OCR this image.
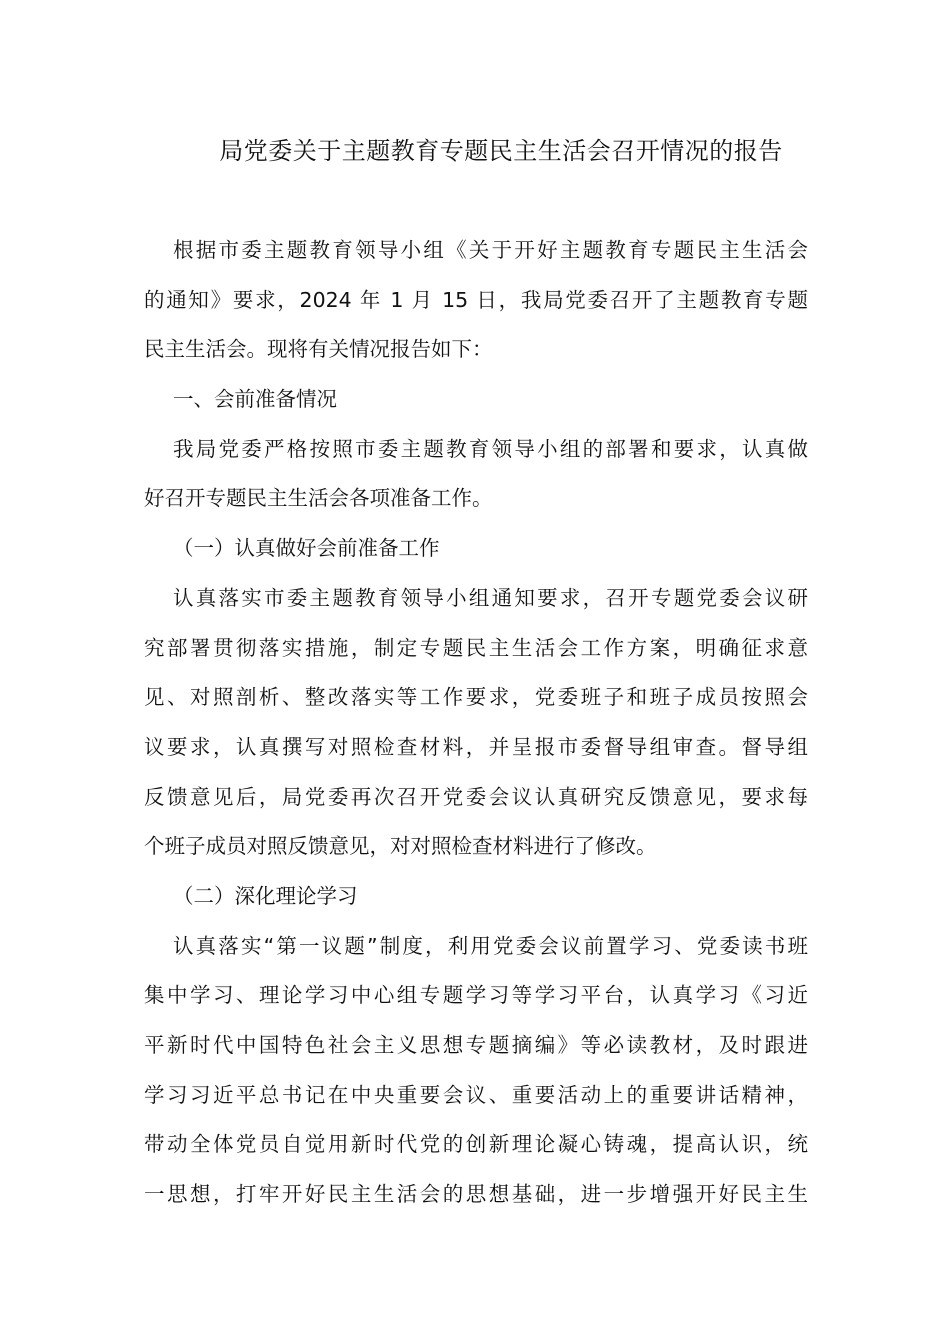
局党委关于主题教育专题民主生活会召开情况的报告
根据市委主题教育领导小组《关于开好主题教育专题民主生活会
的通知》要求，2024 年 1 月 15 日，我局党委召开了主题教育专题
民主生活会。现将有关情况报告如下：
一、会前准备情况
我局党委严格按照市委主题教育领导小组的部署和要求，认真做
好召开专题民主生活会各项准备工作。
（一）认真做好会前准备工作
认真落实市委主题教育领导小组通知要求，召开专题党委会议研
究部署贯彻落实措施，制定专题民主生活会工作方案，明确征求意
见、对照剖析、整改落实等工作要求，党委班子和班子成员按照会
议要求，认真撰写对照检查材料，并呈报市委督导组审查。督导组
反馈意见后，局党委再次召开党委会议认真研究反馈意见，要求每
个班子成员对照反馈意见，对对照检查材料进行了修改。
（二）深化理论学习
认真落实“第一议题”制度，利用党委会议前置学习、党委读书班
集中学习、理论学习中心组专题学习等学习平台，认真学习《习近
平新时代中国特色社会主义思想专题摘编》等必读教材，及时跟进
学习习近平总书记在中央重要会议、重要活动上的重要讲话精神，
带动全体党员自觉用新时代党的创新理论凝心铸魂，提高认识，统
一思想，打牢开好民主生活会的思想基础，进一步增强开好民主生
